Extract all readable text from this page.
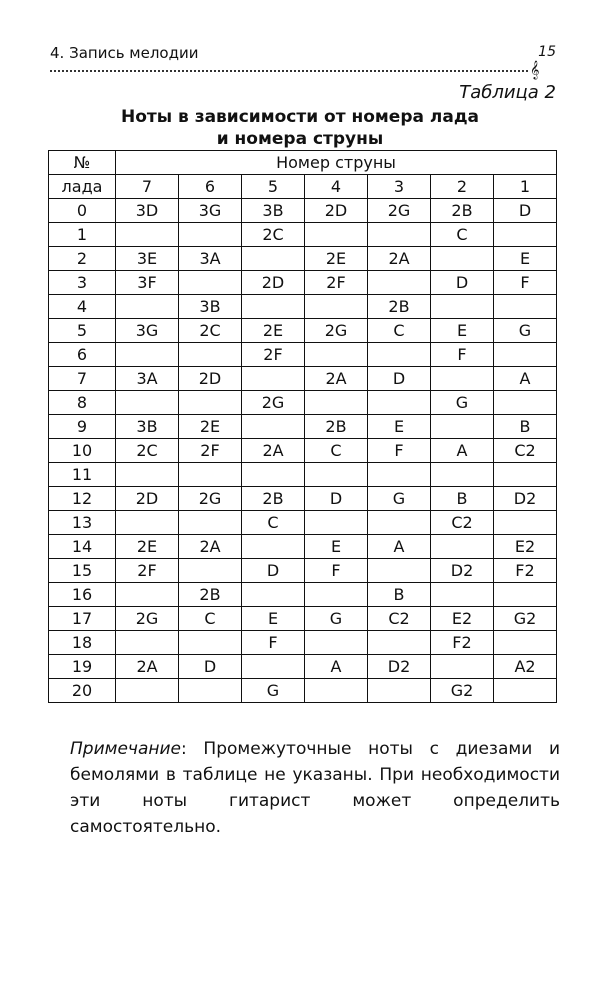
4. Запись мелодии	15
𝄞
Таблица 2
Ноты в зависимости от номера лада
и номера струны
№	Номер струны						
лада	7	6	5	4	3	2	1
0	3D	3G	3B	2D	2G	2B	D
1			2C			C	
2	3E	3A		2E	2A		E
3	3F		2D	2F		D	F
4		3B			2B		
5	3G	2C	2E	2G	C	E	G
6			2F			F	
7	3A	2D		2A	D		A
8			2G			G	
9	3B	2E		2B	E		B
10	2C	2F	2A	C	F	A	C2
11							
12	2D	2G	2B	D	G	B	D2
13			C			C2	
14	2E	2A		E	A		E2
15	2F		D	F		D2	F2
16		2B			B		
17	2G	C	E	G	C2	E2	G2
18			F			F2	
19	2A	D		A	D2		A2
20			G			G2	
Примечание: Промежуточные ноты с диезами и бемолями в таблице не указаны. При необходимости эти ноты гитарист может определить самостоятельно.
